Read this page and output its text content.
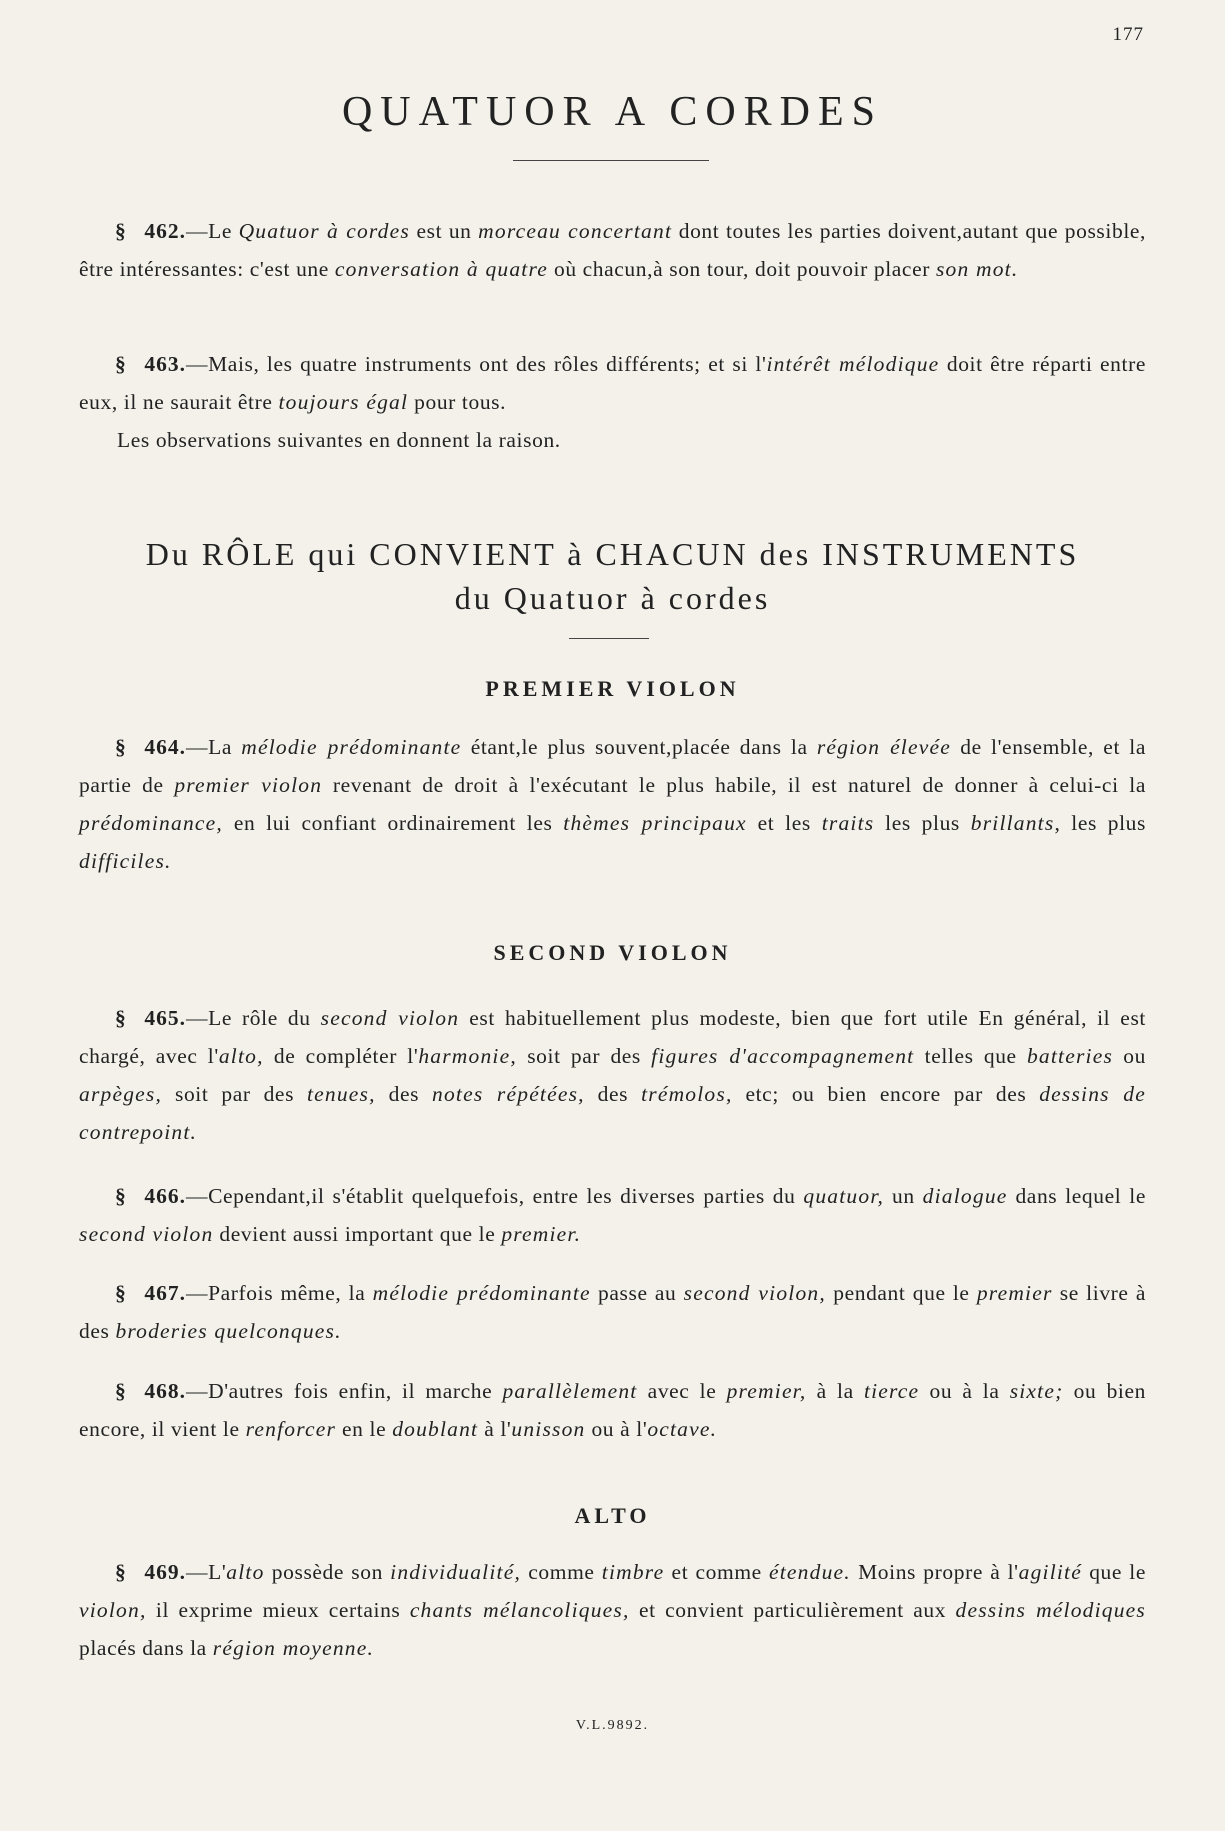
177
QUATUOR A CORDES

§ 462.—Le Quatuor à cordes est un morceau concertant dont toutes les parties doivent,autant que possible, être intéressantes: c'est une conversation à quatre où chacun,à son tour, doit pouvoir placer son mot.

§ 463.—Mais, les quatre instruments ont des rôles différents; et si l'intérêt mélodique doit être réparti entre eux, il ne saurait être toujours égal pour tous.
Les observations suivantes en donnent la raison.

Du RÔLE qui CONVIENT à CHACUN des INSTRUMENTS
du Quatuor à cordes
PREMIER VIOLON

§ 464.—La mélodie prédominante étant,le plus souvent,placée dans la région élevée de l'ensemble, et la partie de premier violon revenant de droit à l'exécutant le plus habile, il est naturel de donner à celui-ci la prédominance, en lui confiant ordinairement les thèmes principaux et les traits les plus brillants, les plus difficiles.

SECOND VIOLON

§ 465.—Le rôle du second violon est habituellement plus modeste, bien que fort utile En général, il est chargé, avec l'alto, de compléter l'harmonie, soit par des figures d'accompagnement telles que batteries ou arpèges, soit par des tenues, des notes répétées, des trémolos, etc; ou bien encore par des dessins de contrepoint.

§ 466.—Cependant,il s'établit quelquefois, entre les diverses parties du quatuor, un dialogue dans lequel le second violon devient aussi important que le premier.

§ 467.—Parfois même, la mélodie prédominante passe au second violon, pendant que le premier se livre à des broderies quelconques.

§ 468.—D'autres fois enfin, il marche parallèlement avec le premier, à la tierce ou à la sixte; ou bien encore, il vient le renforcer en le doublant à l'unisson ou à l'octave.

ALTO

§ 469.—L'alto possède son individualité, comme timbre et comme étendue. Moins propre à l'agilité que le violon, il exprime mieux certains chants mélancoliques, et convient particulièrement aux dessins mélodiques placés dans la région moyenne.

V.L.9892.
